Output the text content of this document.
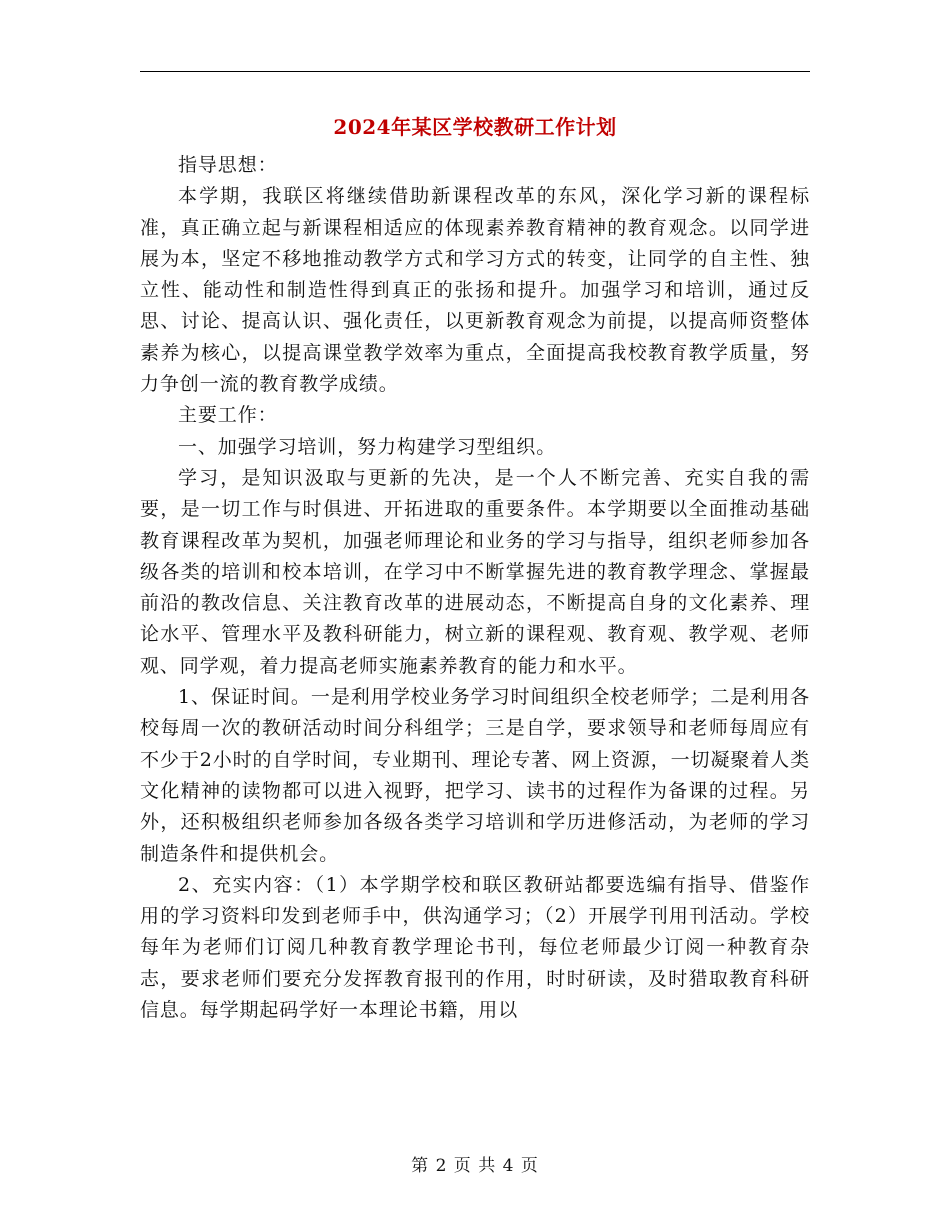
2024年某区学校教研工作计划

指导思想：

本学期，我联区将继续借助新课程改革的东风，深化学习新的课程标准，真正确立起与新课程相适应的体现素养教育精神的教育观念。以同学进展为本，坚定不移地推动教学方式和学习方式的转变，让同学的自主性、独立性、能动性和制造性得到真正的张扬和提升。加强学习和培训，通过反思、讨论、提高认识、强化责任，以更新教育观念为前提，以提高师资整体素养为核心，以提高课堂教学效率为重点，全面提高我校教育教学质量，努力争创一流的教育教学成绩。

主要工作：

一、加强学习培训，努力构建学习型组织。

学习，是知识汲取与更新的先决，是一个人不断完善、充实自我的需要，是一切工作与时俱进、开拓进取的重要条件。本学期要以全面推动基础教育课程改革为契机，加强老师理论和业务的学习与指导，组织老师参加各级各类的培训和校本培训，在学习中不断掌握先进的教育教学理念、掌握最前沿的教改信息、关注教育改革的进展动态，不断提高自身的文化素养、理论水平、管理水平及教科研能力，树立新的课程观、教育观、教学观、老师观、同学观，着力提高老师实施素养教育的能力和水平。

1、保证时间。一是利用学校业务学习时间组织全校老师学；二是利用各校每周一次的教研活动时间分科组学；三是自学，要求领导和老师每周应有不少于2小时的自学时间，专业期刊、理论专著、网上资源，一切凝聚着人类文化精神的读物都可以进入视野，把学习、读书的过程作为备课的过程。另外，还积极组织老师参加各级各类学习培训和学历进修活动，为老师的学习制造条件和提供机会。

2、充实内容：（1）本学期学校和联区教研站都要选编有指导、借鉴作用的学习资料印发到老师手中，供沟通学习；（2）开展学刊用刊活动。学校每年为老师们订阅几种教育教学理论书刊，每位老师最少订阅一种教育杂志，要求老师们要充分发挥教育报刊的作用，时时研读，及时猎取教育科研信息。每学期起码学好一本理论书籍，用以

第 2 页 共 4 页
